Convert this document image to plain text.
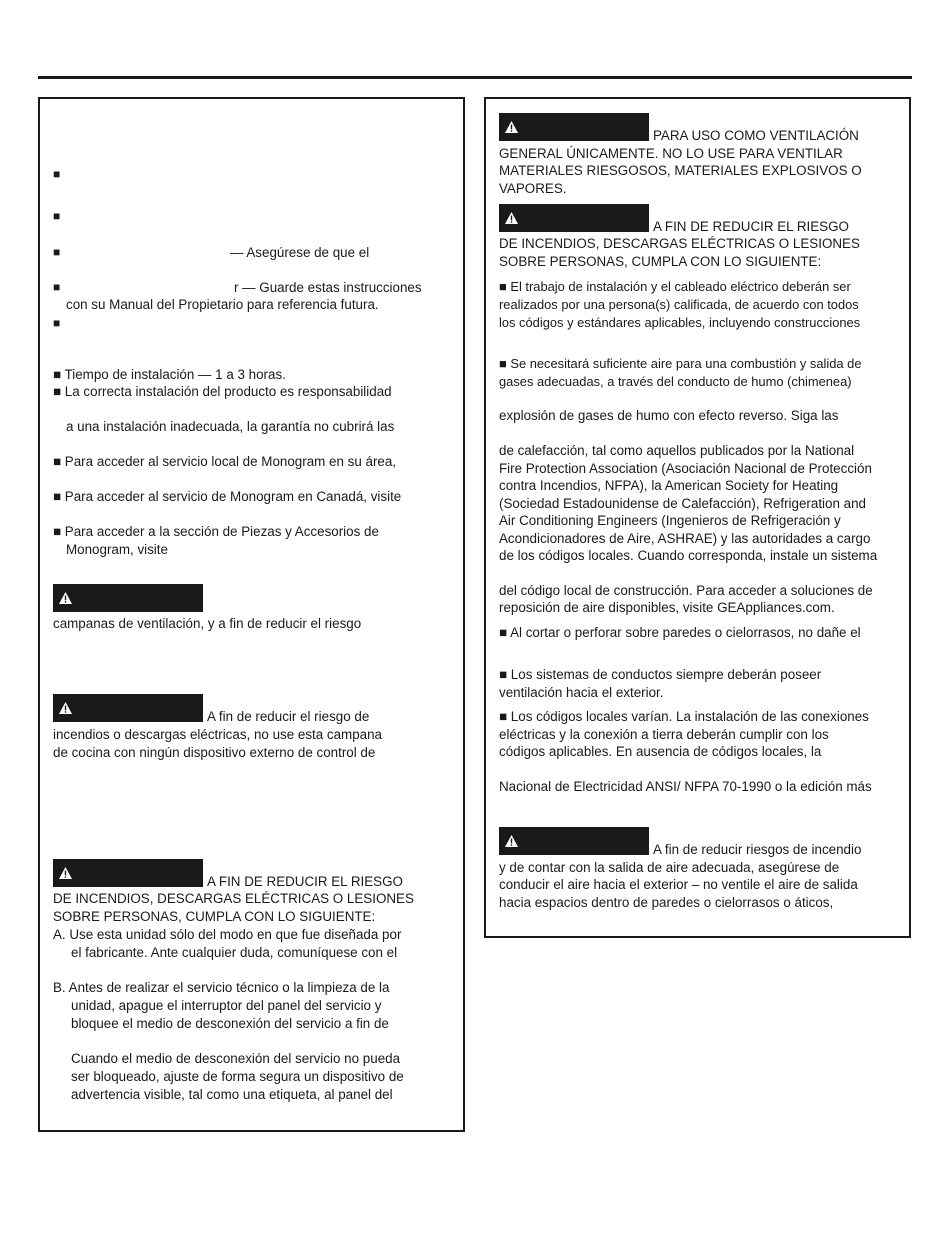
■
■
■
■
■
— Asegúrese de que el
r — Guarde estas instrucciones
con su Manual del Propietario para referencia futura.
■ Tiempo de instalación — 1 a 3 horas.
■ La correcta instalación del producto es responsabilidad
a una instalación inadecuada, la garantía no cubrirá las
■ Para acceder al servicio local de Monogram en su área,
■ Para acceder al servicio de Monogram en Canadá, visite
■ Para acceder a la sección de Piezas y Accesorios de
Monogram, visite
campanas de ventilación, y a fin de reducir el riesgo
A fin de reducir el riesgo de
incendios o descargas eléctricas, no use esta campana
de cocina con ningún dispositivo externo de control de
A FIN DE REDUCIR EL RIESGO
DE INCENDIOS, DESCARGAS ELÉCTRICAS O LESIONES
SOBRE PERSONAS, CUMPLA CON LO SIGUIENTE:
A. Use esta unidad sólo del modo en que fue diseñada por
el fabricante. Ante cualquier duda, comuníquese con el
B. Antes de realizar el servicio técnico o la limpieza de la
unidad, apague el interruptor del panel del servicio y
bloquee el medio de desconexión del servicio a fin de
Cuando el medio de desconexión del servicio no pueda
ser bloqueado, ajuste de forma segura un dispositivo de
advertencia visible, tal como una etiqueta, al panel del
PARA USO COMO VENTILACIÓN
GENERAL ÚNICAMENTE. NO LO USE PARA VENTILAR
MATERIALES RIESGOSOS, MATERIALES EXPLOSIVOS O
VAPORES.
A FIN DE REDUCIR EL RIESGO
DE INCENDIOS, DESCARGAS ELÉCTRICAS O LESIONES
SOBRE PERSONAS, CUMPLA CON LO SIGUIENTE:
■ El trabajo de instalación y el cableado eléctrico deberán ser
realizados por una persona(s) calificada, de acuerdo con todos
los códigos y estándares aplicables, incluyendo construcciones
■ Se necesitará suficiente aire para una combustión y salida de
gases adecuadas, a través del conducto de humo (chimenea)
explosión de gases de humo con efecto reverso. Siga las
de calefacción, tal como aquellos publicados por la National
Fire Protection Association (Asociación Nacional de Protección
contra Incendios, NFPA), la American Society for Heating
(Sociedad Estadounidense de Calefacción), Refrigeration and
Air Conditioning Engineers (Ingenieros de Refrigeración y
Acondicionadores de Aire, ASHRAE) y las autoridades a cargo
de los códigos locales. Cuando corresponda, instale un sistema
del código local de construcción. Para acceder a soluciones de
reposición de aire disponibles, visite GEAppliances.com.
■ Al cortar o perforar sobre paredes o cielorrasos, no dañe el
■ Los sistemas de conductos siempre deberán poseer
ventilación hacia el exterior.
■ Los códigos locales varían. La instalación de las conexiones
eléctricas y la conexión a tierra deberán cumplir con los
códigos aplicables. En ausencia de códigos locales, la
Nacional de Electricidad ANSI/ NFPA 70-1990 o la edición más
A fin de reducir riesgos de incendio
y de contar con la salida de aire adecuada, asegúrese de
conducir el aire hacia el exterior – no ventile el aire de salida
hacia espacios dentro de paredes o cielorrasos o áticos,
